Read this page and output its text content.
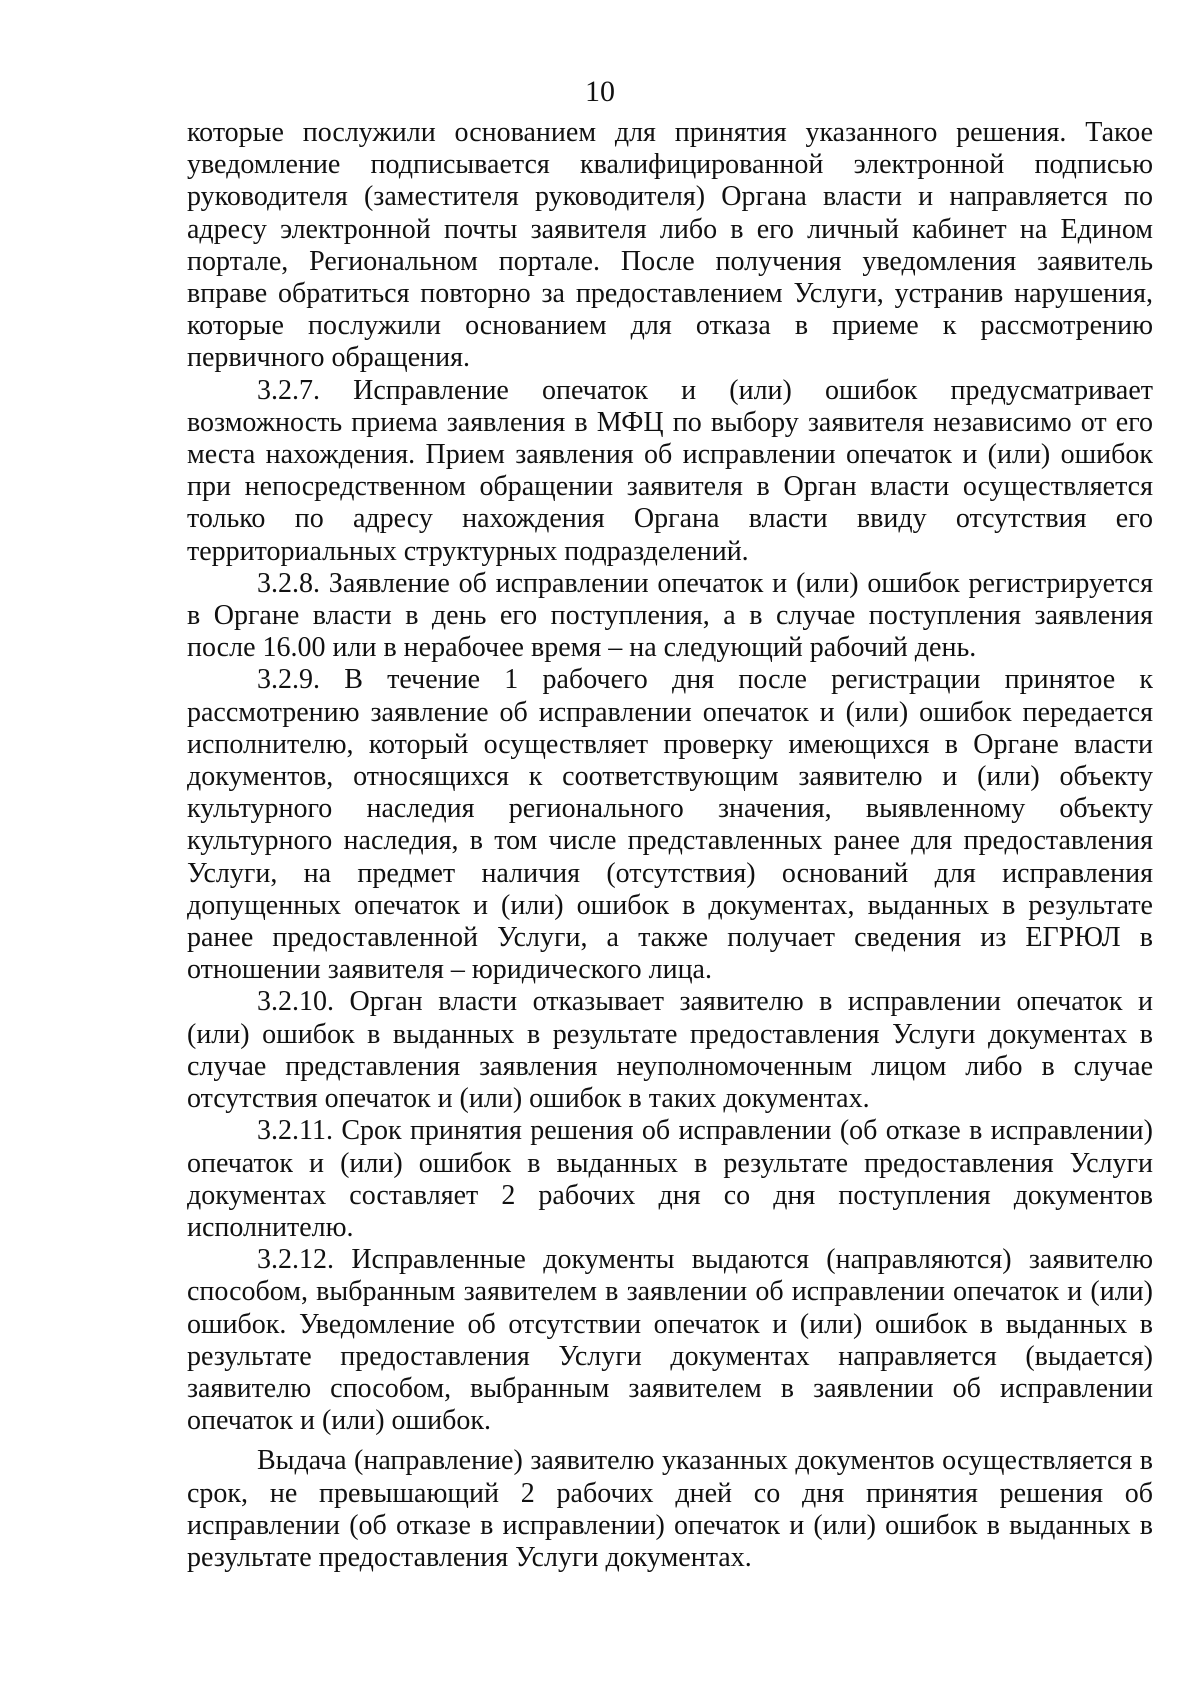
10

которые послужили основанием для принятия указанного решения. Такое уведомление подписывается квалифицированной электронной подписью руководителя (заместителя руководителя) Органа власти и направляется по адресу электронной почты заявителя либо в его личный кабинет на Едином портале, Региональном портале. После получения уведомления заявитель вправе обратиться повторно за предоставлением Услуги, устранив нарушения, которые послужили основанием для отказа в приеме к рассмотрению первичного обращения.

3.2.7. Исправление опечаток и (или) ошибок предусматривает возможность приема заявления в МФЦ по выбору заявителя независимо от его места нахождения. Прием заявления об исправлении опечаток и (или) ошибок при непосредственном обращении заявителя в Орган власти осуществляется только по адресу нахождения Органа власти ввиду отсутствия его территориальных структурных подразделений.

3.2.8. Заявление об исправлении опечаток и (или) ошибок регистрируется в Органе власти в день его поступления, а в случае поступления заявления после 16.00 или в нерабочее время – на следующий рабочий день.

3.2.9. В течение 1 рабочего дня после регистрации принятое к рассмотрению заявление об исправлении опечаток и (или) ошибок передается исполнителю, который осуществляет проверку имеющихся в Органе власти документов, относящихся к соответствующим заявителю и (или) объекту культурного наследия регионального значения, выявленному объекту культурного наследия, в том числе представленных ранее для предоставления Услуги, на предмет наличия (отсутствия) оснований для исправления допущенных опечаток и (или) ошибок в документах, выданных в результате ранее предоставленной Услуги, а также получает сведения из ЕГРЮЛ в отношении заявителя – юридического лица.

3.2.10. Орган власти отказывает заявителю в исправлении опечаток и (или) ошибок в выданных в результате предоставления Услуги документах в случае представления заявления неуполномоченным лицом либо в случае отсутствия опечаток и (или) ошибок в таких документах.

3.2.11. Срок принятия решения об исправлении (об отказе в исправлении) опечаток и (или) ошибок в выданных в результате предоставления Услуги документах составляет 2 рабочих дня со дня поступления документов исполнителю.

3.2.12. Исправленные документы выдаются (направляются) заявителю способом, выбранным заявителем в заявлении об исправлении опечаток и (или) ошибок. Уведомление об отсутствии опечаток и (или) ошибок в выданных в результате предоставления Услуги документах направляется (выдается) заявителю способом, выбранным заявителем в заявлении об исправлении опечаток и (или) ошибок.

Выдача (направление) заявителю указанных документов осуществляется в срок, не превышающий 2 рабочих дней со дня принятия решения об исправлении (об отказе в исправлении) опечаток и (или) ошибок в выданных в результате предоставления Услуги документах.
